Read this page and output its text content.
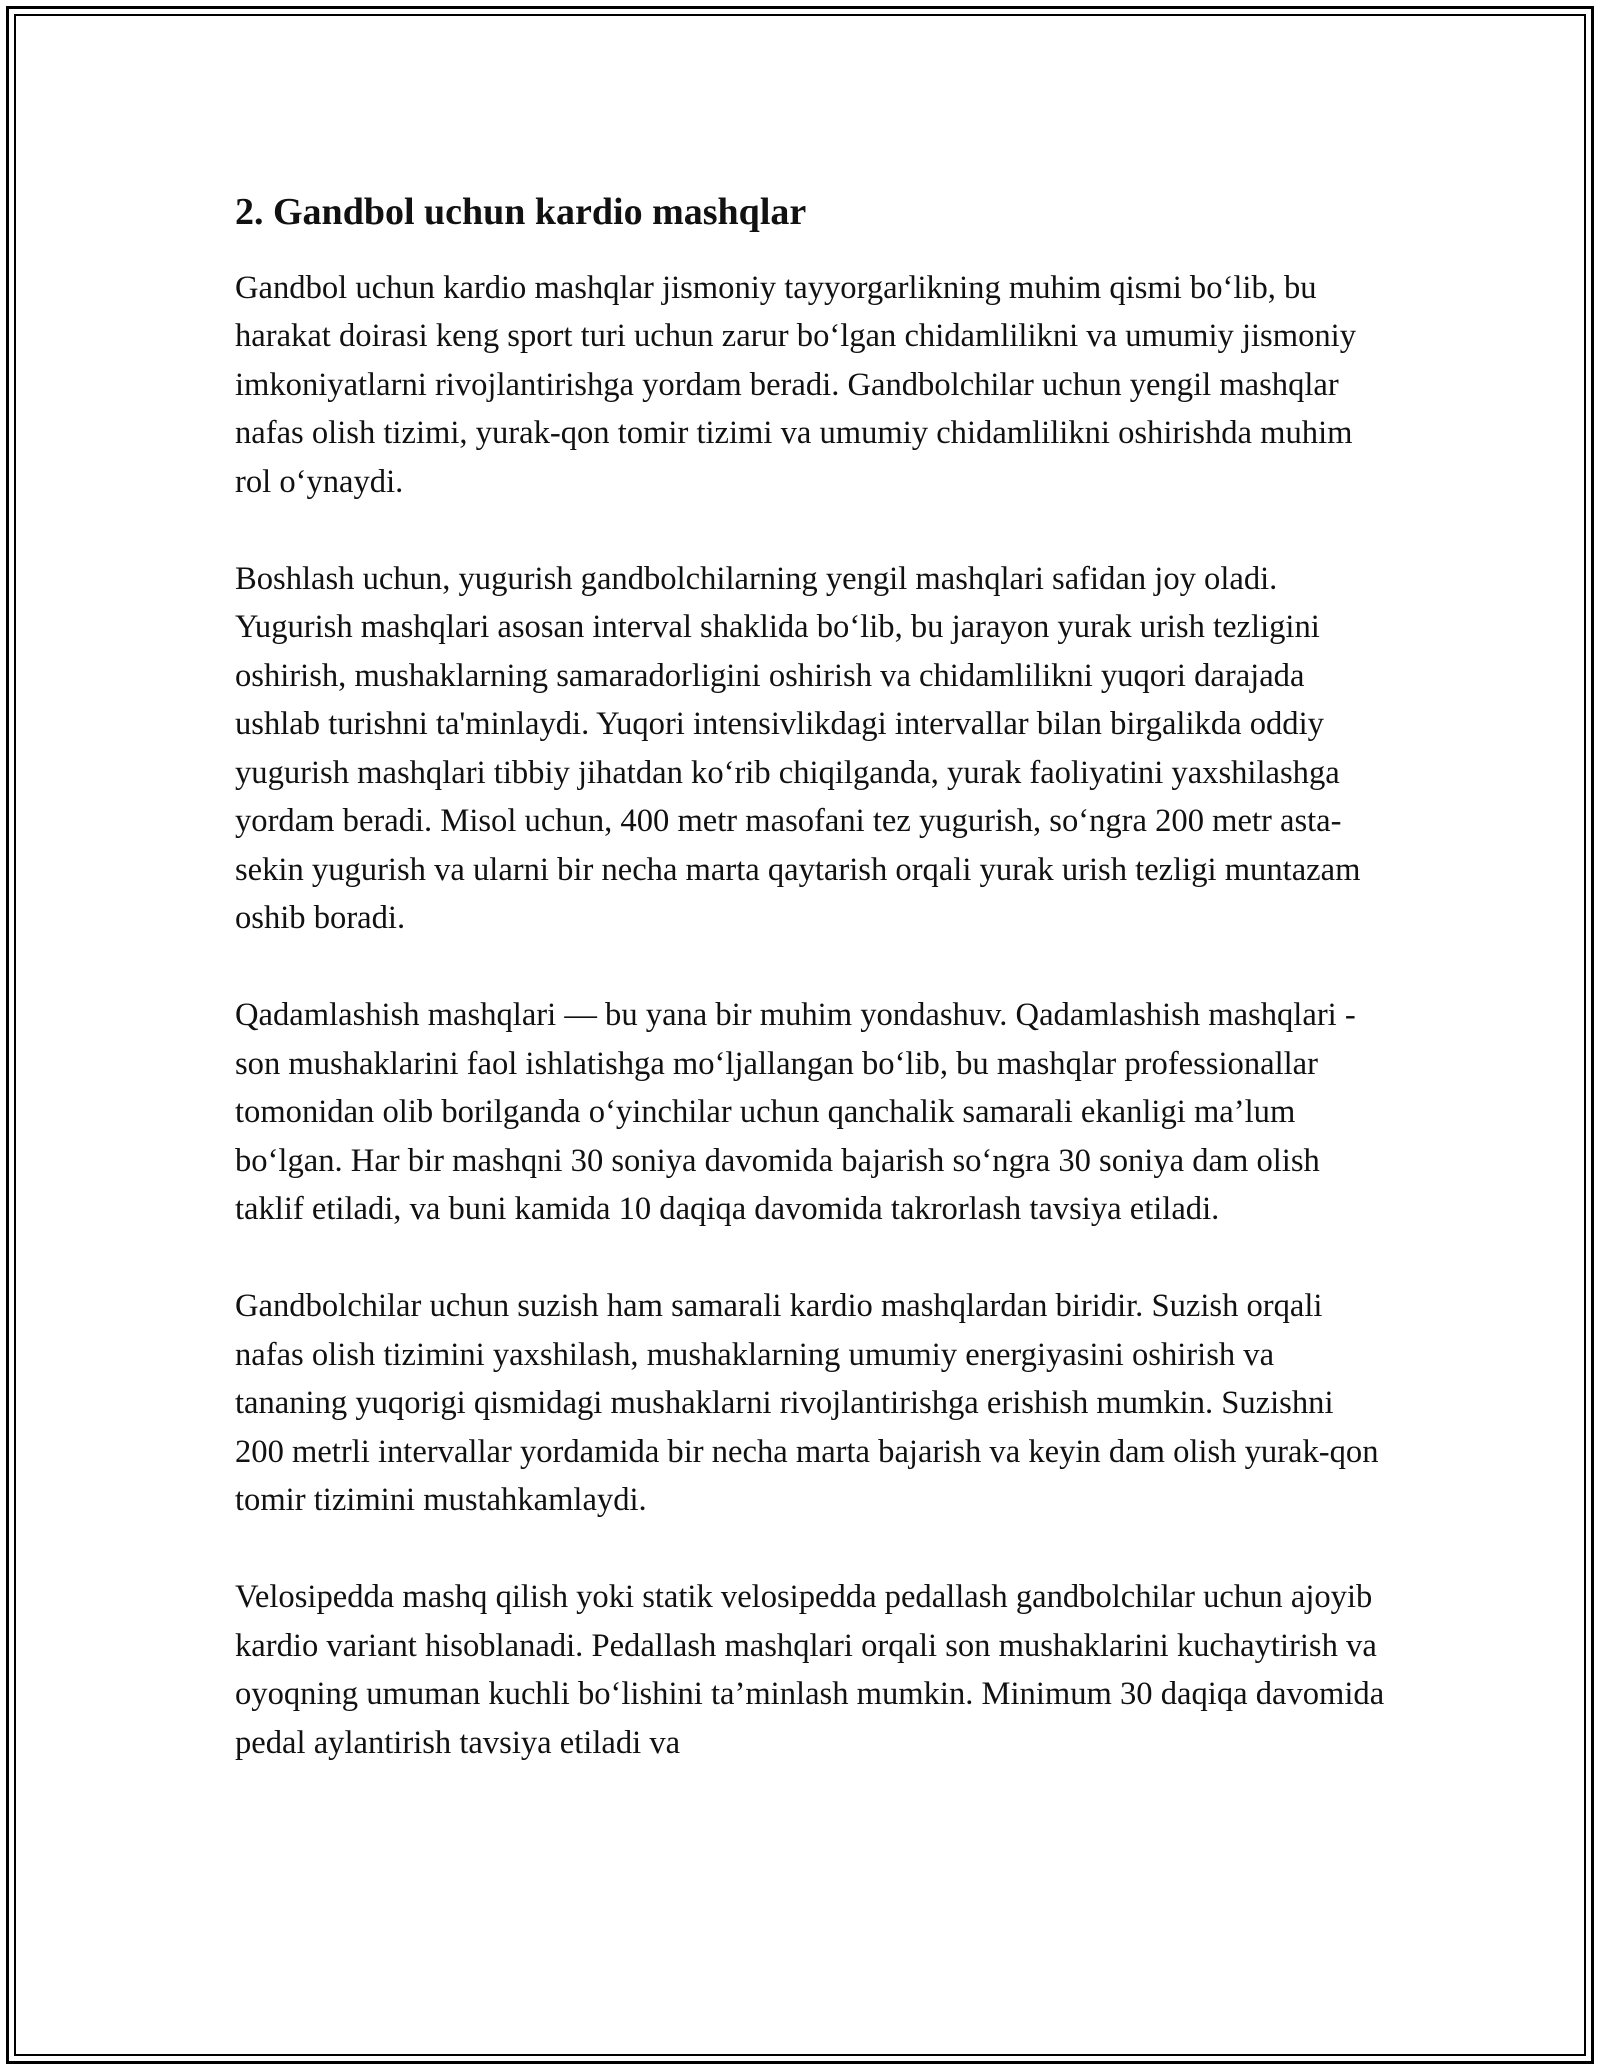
2. Gandbol uchun kardio mashqlar

Gandbol uchun kardio mashqlar jismoniy tayyorgarlikning muhim qismi bo‘lib, bu harakat doirasi keng sport turi uchun zarur bo‘lgan chidamlilikni va umumiy jismoniy imkoniyatlarni rivojlantirishga yordam beradi. Gandbolchilar uchun yengil mashqlar nafas olish tizimi, yurak-qon tomir tizimi va umumiy chidamlilikni oshirishda muhim rol o‘ynaydi.

Boshlash uchun, yugurish gandbolchilarning yengil mashqlari safidan joy oladi. Yugurish mashqlari asosan interval shaklida bo‘lib, bu jarayon yurak urish tezligini oshirish, mushaklarning samaradorligini oshirish va chidamlilikni yuqori darajada ushlab turishni ta'minlaydi. Yuqori intensivlikdagi intervallar bilan birgalikda oddiy yugurish mashqlari tibbiy jihatdan ko‘rib chiqilganda, yurak faoliyatini yaxshilashga yordam beradi. Misol uchun, 400 metr masofani tez yugurish, so‘ngra 200 metr asta-sekin yugurish va ularni bir necha marta qaytarish orqali yurak urish tezligi muntazam oshib boradi.

Qadamlashish mashqlari — bu yana bir muhim yondashuv. Qadamlashish mashqlari - son mushaklarini faol ishlatishga mo‘ljallangan bo‘lib, bu mashqlar professionallar tomonidan olib borilganda o‘yinchilar uchun qanchalik samarali ekanligi ma’lum bo‘lgan. Har bir mashqni 30 soniya davomida bajarish so‘ngra 30 soniya dam olish taklif etiladi, va buni kamida 10 daqiqa davomida takrorlash tavsiya etiladi.

Gandbolchilar uchun suzish ham samarali kardio mashqlardan biridir. Suzish orqali nafas olish tizimini yaxshilash, mushaklarning umumiy energiyasini oshirish va tananing yuqorigi qismidagi mushaklarni rivojlantirishga erishish mumkin. Suzishni 200 metrli intervallar yordamida bir necha marta bajarish va keyin dam olish yurak-qon tomir tizimini mustahkamlaydi.

Velosipedda mashq qilish yoki statik velosipedda pedallash gandbolchilar uchun ajoyib kardio variant hisoblanadi. Pedallash mashqlari orqali son mushaklarini kuchaytirish va oyoqning umuman kuchli bo‘lishini ta’minlash mumkin. Minimum 30 daqiqa davomida pedal aylantirish tavsiya etiladi va
